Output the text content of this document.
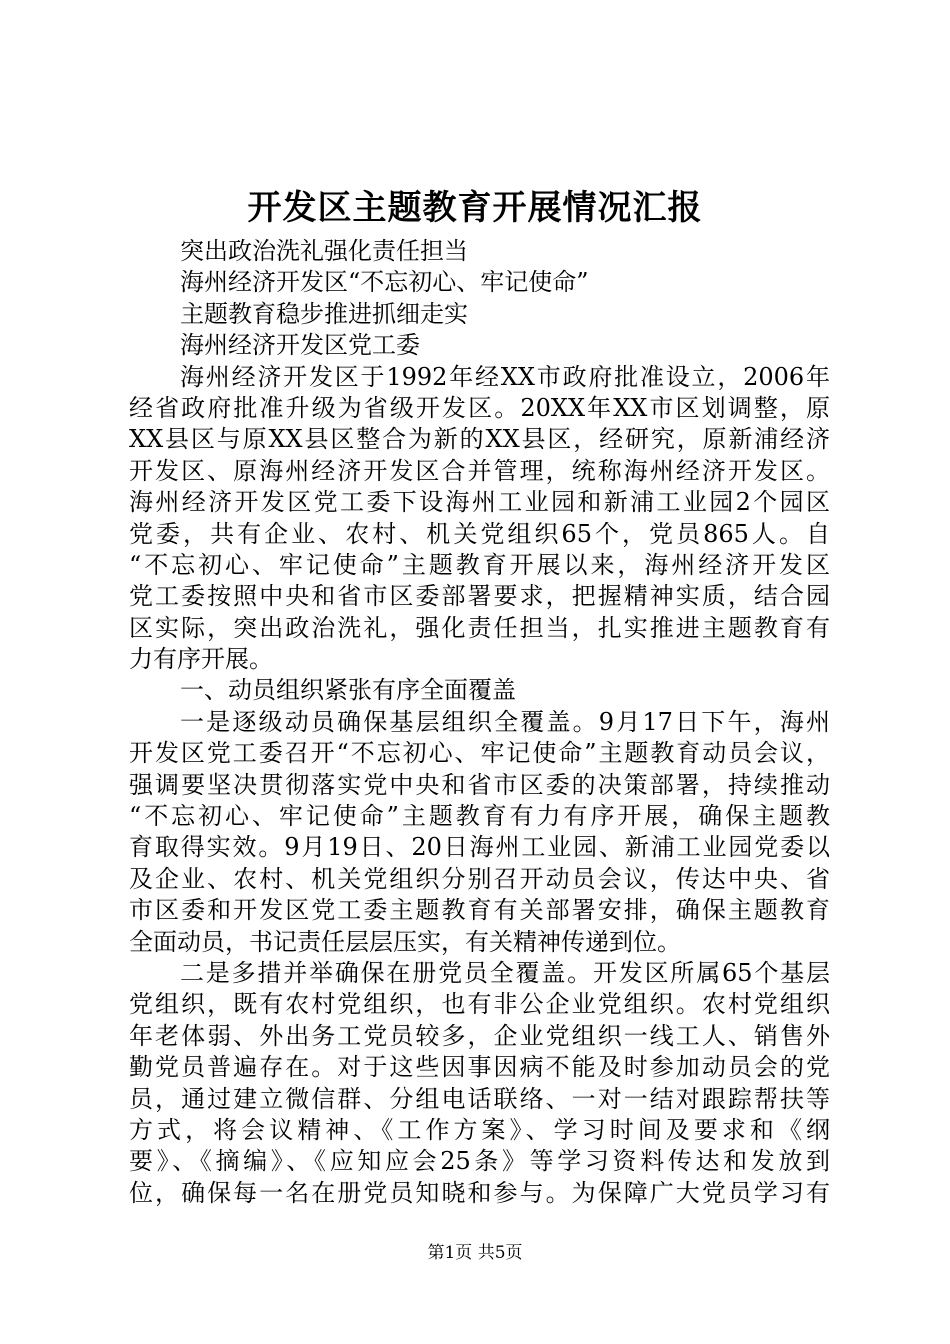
开发区主题教育开展情况汇报
突出政治洗礼强化责任担当
海州经济开发区“不忘初心、牢记使命”
主题教育稳步推进抓细走实
海州经济开发区党工委
海州经济开发区于1992年经XX市政府批准设立，2006年
经省政府批准升级为省级开发区。20XX年XX市区划调整，原
XX县区与原XX县区整合为新的XX县区，经研究，原新浦经济
开发区、原海州经济开发区合并管理，统称海州经济开发区。
海州经济开发区党工委下设海州工业园和新浦工业园2个园区
党委，共有企业、农村、机关党组织65个，党员865人。自
“不忘初心、牢记使命”主题教育开展以来，海州经济开发区
党工委按照中央和省市区委部署要求，把握精神实质，结合园
区实际，突出政治洗礼，强化责任担当，扎实推进主题教育有
力有序开展。
一、动员组织紧张有序全面覆盖
一是逐级动员确保基层组织全覆盖。9月17日下午，海州
开发区党工委召开“不忘初心、牢记使命”主题教育动员会议，
强调要坚决贯彻落实党中央和省市区委的决策部署，持续推动
“不忘初心、牢记使命”主题教育有力有序开展，确保主题教
育取得实效。9月19日、20日海州工业园、新浦工业园党委以
及企业、农村、机关党组织分别召开动员会议，传达中央、省
市区委和开发区党工委主题教育有关部署安排，确保主题教育
全面动员，书记责任层层压实，有关精神传递到位。
二是多措并举确保在册党员全覆盖。开发区所属65个基层
党组织，既有农村党组织，也有非公企业党组织。农村党组织
年老体弱、外出务工党员较多，企业党组织一线工人、销售外
勤党员普遍存在。对于这些因事因病不能及时参加动员会的党
员，通过建立微信群、分组电话联络、一对一结对跟踪帮扶等
方式，将会议精神、《工作方案》、学习时间及要求和《纲
要》、《摘编》、《应知应会25条》等学习资料传达和发放到
位，确保每一名在册党员知晓和参与。为保障广大党员学习有
第1页 共5页
